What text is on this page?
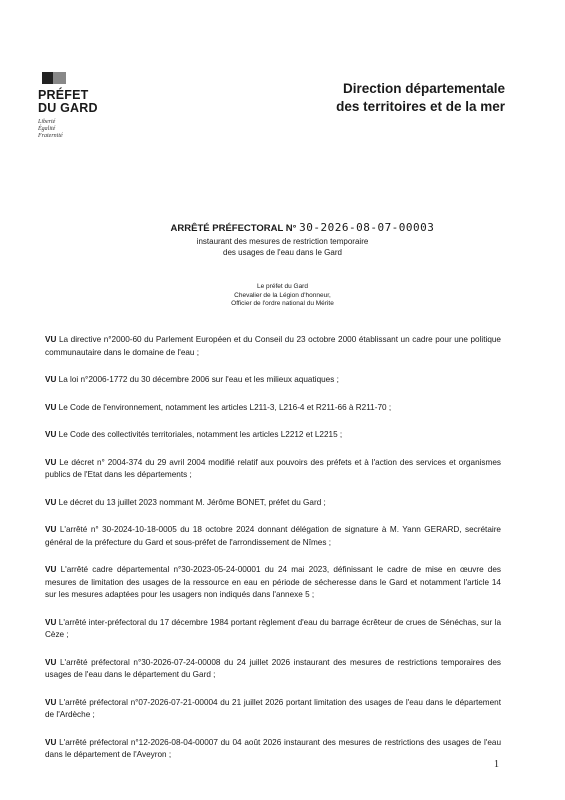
PRÉFET
DU GARD
Liberté
Égalité
Fraternité
Direction départementale
des territoires et de la mer
ARRÊTÉ PRÉFECTORAL N° 30-2026-08-07-00003
instaurant des mesures de restriction temporaire
des usages de l'eau dans le Gard
Le préfet du Gard
Chevalier de la Légion d'honneur,
Officier de l'ordre national du Mérite

VU La directive n°2000-60 du Parlement Européen et du Conseil du 23 octobre 2000 établissant un cadre pour une politique communautaire dans le domaine de l'eau ;

VU La loi n°2006-1772 du 30 décembre 2006 sur l'eau et les milieux aquatiques ;

VU Le Code de l'environnement, notamment les articles L211-3, L216-4 et R211-66 à R211-70 ;

VU Le Code des collectivités territoriales, notamment les articles L2212 et L2215 ;

VU Le décret n° 2004-374 du 29 avril 2004 modifié relatif aux pouvoirs des préfets et à l'action des services et organismes publics de l'Etat dans les départements ;

VU Le décret du 13 juillet 2023 nommant M. Jérôme BONET, préfet du Gard ;

VU L'arrêté n° 30-2024-10-18-0005 du 18 octobre 2024 donnant délégation de signature à M. Yann GERARD, secrétaire général de la préfecture du Gard et sous-préfet de l'arrondissement de Nîmes ;

VU L'arrêté cadre départemental n°30-2023-05-24-00001 du 24 mai 2023, définissant le cadre de mise en œuvre des mesures de limitation des usages de la ressource en eau en période de sécheresse dans le Gard et notamment l'article 14 sur les mesures adaptées pour les usagers non indiqués dans l'annexe 5 ;

VU L'arrêté inter-préfectoral du 17 décembre 1984 portant règlement d'eau du barrage écrêteur de crues de Sénéchas, sur la Cèze ;

VU L'arrêté préfectoral n°30-2026-07-24-00008 du 24 juillet 2026 instaurant des mesures de restrictions temporaires des usages de l'eau dans le département du Gard ;

VU L'arrêté préfectoral n°07-2026-07-21-00004 du 21 juillet 2026 portant limitation des usages de l'eau dans le département de l'Ardèche ;

VU L'arrêté préfectoral n°12-2026-08-04-00007 du 04 août 2026 instaurant des mesures de restrictions des usages de l'eau dans le département de l'Aveyron ;

1
